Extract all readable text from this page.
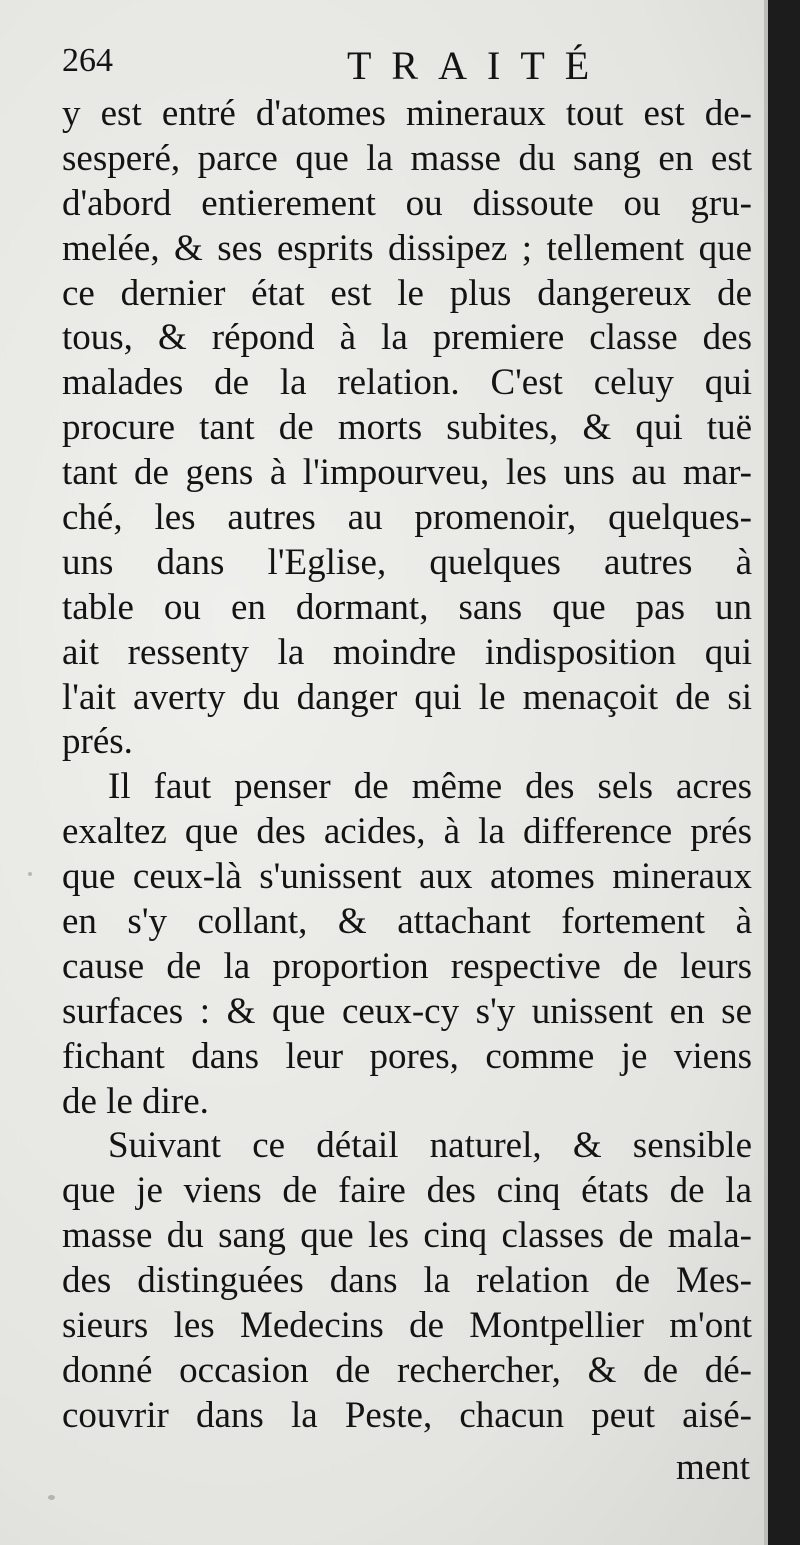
264	TRAITÉ
y est entré d'atomes mineraux tout est de-
sesperé, parce que la masse du sang en est
d'abord entierement ou dissoute ou gru-
melée, & ses esprits dissipez ; tellement que
ce dernier état est le plus dangereux de
tous, & répond à la premiere classe des
malades de la relation. C'est celuy qui
procure tant de morts subites, & qui tuë
tant de gens à l'impourveu, les uns au mar-
ché, les autres au promenoir, quelques-
uns dans l'Eglise, quelques autres à
table ou en dormant, sans que pas un
ait ressenty la moindre indisposition qui
l'ait averty du danger qui le menaçoit de si
prés.
Il faut penser de même des sels acres
exaltez que des acides, à la difference prés
que ceux-là s'unissent aux atomes mineraux
en s'y collant, & attachant fortement à
cause de la proportion respective de leurs
surfaces : & que ceux-cy s'y unissent en se
fichant dans leur pores, comme je viens
de le dire.
Suivant ce détail naturel, & sensible
que je viens de faire des cinq états de la
masse du sang que les cinq classes de mala-
des distinguées dans la relation de Mes-
sieurs les Medecins de Montpellier m'ont
donné occasion de rechercher, & de dé-
couvrir dans la Peste, chacun peut aisé-
ment
